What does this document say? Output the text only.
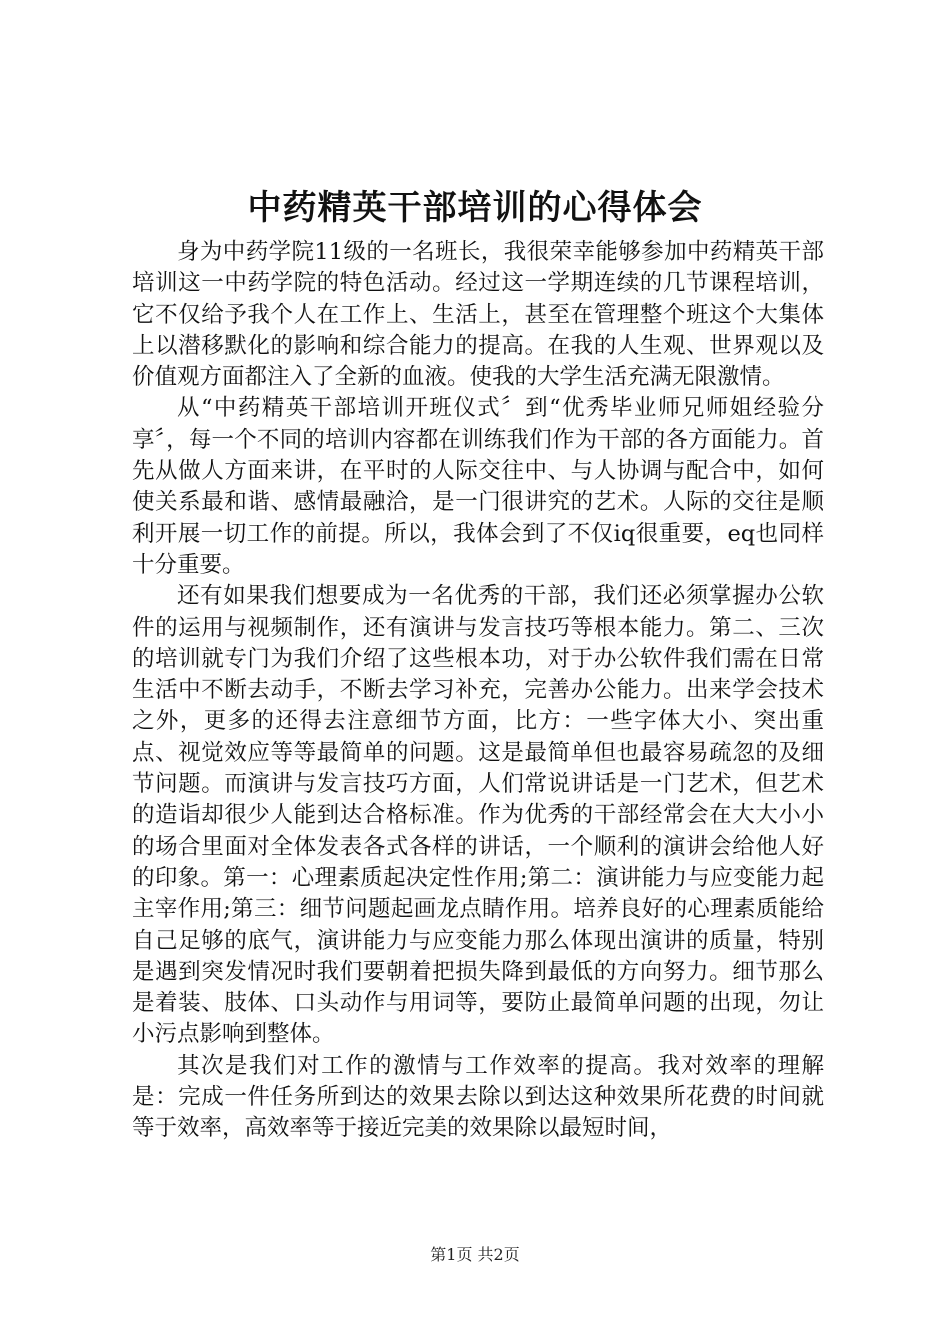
中药精英干部培训的心得体会

身为中药学院11级的一名班长，我很荣幸能够参加中药精英干部培训这一中药学院的特色活动。经过这一学期连续的几节课程培训，它不仅给予我个人在工作上、生活上，甚至在管理整个班这个大集体上以潜移默化的影响和综合能力的提高。在我的人生观、世界观以及价值观方面都注入了全新的血液。使我的大学生活充满无限激情。

从“中药精英干部培训开班仪式〞到“优秀毕业师兄师姐经验分享〞，每一个不同的培训内容都在训练我们作为干部的各方面能力。首先从做人方面来讲，在平时的人际交往中、与人协调与配合中，如何使关系最和谐、感情最融洽，是一门很讲究的艺术。人际的交往是顺利开展一切工作的前提。所以，我体会到了不仅iq很重要，eq也同样十分重要。

还有如果我们想要成为一名优秀的干部，我们还必须掌握办公软件的运用与视频制作，还有演讲与发言技巧等根本能力。第二、三次的培训就专门为我们介绍了这些根本功，对于办公软件我们需在日常生活中不断去动手，不断去学习补充，完善办公能力。出来学会技术之外，更多的还得去注意细节方面，比方：一些字体大小、突出重点、视觉效应等等最简单的问题。这是最简单但也最容易疏忽的及细节问题。而演讲与发言技巧方面，人们常说讲话是一门艺术，但艺术的造诣却很少人能到达合格标准。作为优秀的干部经常会在大大小小的场合里面对全体发表各式各样的讲话，一个顺利的演讲会给他人好的印象。第一：心理素质起决定性作用;第二：演讲能力与应变能力起主宰作用;第三：细节问题起画龙点睛作用。培养良好的心理素质能给自己足够的底气，演讲能力与应变能力那么体现出演讲的质量，特别是遇到突发情况时我们要朝着把损失降到最低的方向努力。细节那么是着装、肢体、口头动作与用词等，要防止最简单问题的出现，勿让小污点影响到整体。

其次是我们对工作的激情与工作效率的提高。我对效率的理解是：完成一件任务所到达的效果去除以到达这种效果所花费的时间就等于效率，高效率等于接近完美的效果除以最短时间，

第1页 共2页
